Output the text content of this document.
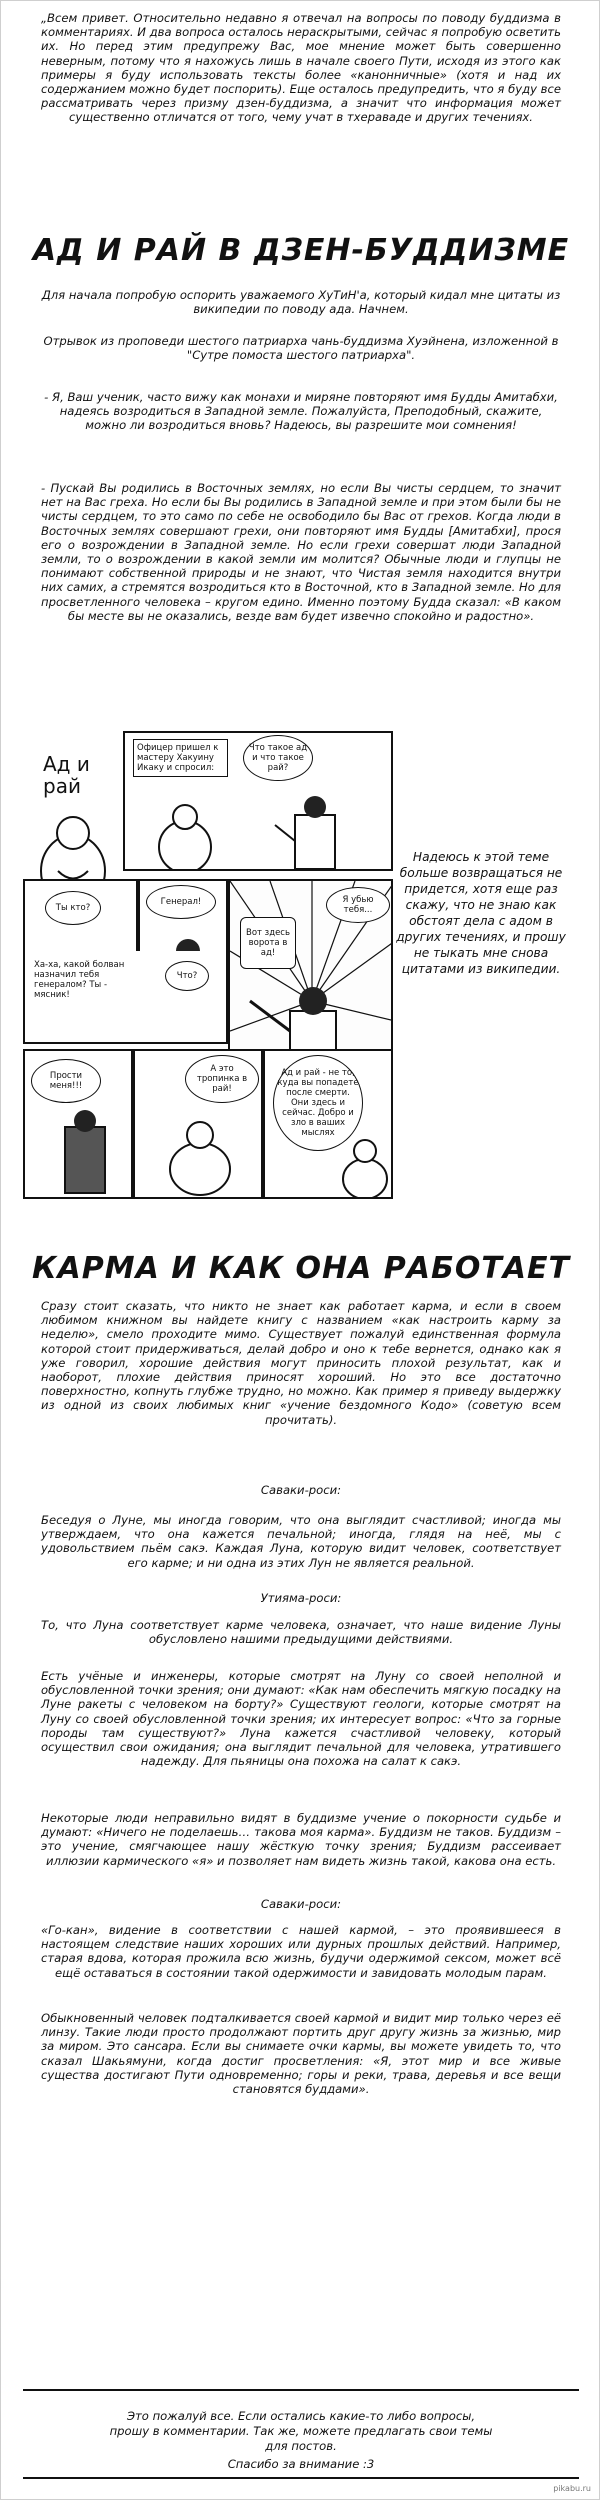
„Всем привет. Относительно недавно я отвечал на вопросы по поводу буддизма в комментариях. И два вопроса осталось нераскрытыми, сейчас я попробую осветить их. Но перед этим предупрежу Вас, мое мнение может быть совершенно неверным, потому что я нахожусь лишь в начале своего Пути, исходя из этого как примеры я буду использовать тексты более «канонничные» (хотя и над их содержанием можно будет поспорить). Еще осталось предупредить, что я буду все рассматривать через призму дзен-буддизма, а значит что информация может существенно отличатся от того, чему учат в тхераваде и других течениях.

АД И РАЙ В ДЗЕН-БУДДИЗМЕ

Для начала попробую оспорить уважаемого ХуТиН'а, который кидал мне цитаты из википедии по поводу ада. Начнем.

Отрывок из проповеди шестого патриарха чань-буддизма Хуэйнена, изложенной в "Сутре помоста шестого патриарха".

- Я, Ваш ученик, часто вижу как монахи и миряне повторяют имя Будды Амитабхи, надеясь возродиться в Западной земле. Пожалуйста, Преподобный, скажите, можно ли возродиться вновь? Надеюсь, вы разрешите мои сомнения!

- Пускай Вы родились в Восточных землях, но если Вы чисты сердцем, то значит нет на Вас греха. Но если бы Вы родились в Западной земле и при этом были бы не чисты сердцем, то это само по себе не освободило бы Вас от грехов. Когда люди в Восточных землях совершают грехи, они повторяют имя Будды [Амитабхи], прося его о возрождении в Западной земле. Но если грехи совершат люди Западной земли, то о возрождении в какой земли им молится? Обычные люди и глупцы не понимают собственной природы и не знают, что Чистая земля находится внутри них самих, а стремятся возродиться кто в Восточной, кто в Западной земле. Но для просветленного человека – кругом едино. Именно поэтому Будда сказал: «В каком бы месте вы не оказались, везде вам будет извечно спокойно и радостно».

Ад и
рай
Офицер пришел к мастеру Хакуину Икаку и спросил:
Что такое ад и что такое рай?
Ты кто?
Генерал!
Вот здесь ворота в ад!
Я убью тебя...
Ха-ха, какой болван назначил тебя генералом? Ты - мясник!
Что?
Прости меня!!!
А это тропинка в рай!
Ад и рай - не то, куда вы попадете после смерти. Они здесь и сейчас. Добро и зло в ваших мыслях

Надеюсь к этой теме больше возвращаться не придется, хотя еще раз скажу, что не знаю как обстоят дела с адом в других течениях, и прошу не тыкать мне снова цитатами из википедии.

КАРМА И КАК ОНА РАБОТАЕТ

Сразу стоит сказать, что никто не знает как работает карма, и если в своем любимом книжном вы найдете книгу с названием «как настроить карму за неделю», смело проходите мимо. Существует пожалуй единственная формула которой стоит придерживаться, делай добро и оно к тебе вернется, однако как я уже говорил, хорошие действия могут приносить плохой результат, как и наоборот, плохие действия приносят хороший. Но это все достаточно поверхностно, копнуть глубже трудно, но можно. Как пример я приведу выдержку из одной из своих любимых книг «учение бездомного Кодо» (советую всем прочитать).

Саваки-роси:

Беседуя о Луне, мы иногда говорим, что она выглядит счастливой; иногда мы утверждаем, что она кажется печальной; иногда, глядя на неё, мы с удовольствием пьём сакэ. Каждая Луна, которую видит человек, соответствует его карме; и ни одна из этих Лун не является реальной.

Утияма-роси:

То, что Луна соответствует карме человека, означает, что наше видение Луны обусловлено нашими предыдущими действиями.

Есть учёные и инженеры, которые смотрят на Луну со своей неполной и обусловленной точки зрения; они думают: «Как нам обеспечить мягкую посадку на Луне ракеты с человеком на борту?» Существуют геологи, которые смотрят на Луну со своей обусловленной точки зрения; их интересует вопрос: «Что за горные породы там существуют?» Луна кажется счастливой человеку, который осуществил свои ожидания; она выглядит печальной для человека, утратившего надежду. Для пьяницы она похожа на салат к сакэ.

Некоторые люди неправильно видят в буддизме учение о покорности судьбе и думают: «Ничего не поделаешь… такова моя карма». Буддизм не таков. Буддизм – это учение, смягчающее нашу жёсткую точку зрения; Буддизм рассеивает иллюзии кармического «я» и позволяет нам видеть жизнь такой, какова она есть.

Саваки-роси:

«Го-кан», видение в соответствии с нашей кармой, – это проявившееся в настоящем следствие наших хороших или дурных прошлых действий. Например, старая вдова, которая прожила всю жизнь, будучи одержимой сексом, может всё ещё оставаться в состоянии такой одержимости и завидовать молодым парам.

Обыкновенный человек подталкивается своей кармой и видит мир только через её линзу. Такие люди просто продолжают портить друг другу жизнь за жизнью, мир за миром. Это сансара. Если вы снимаете очки кармы, вы можете увидеть то, что сказал Шакьямуни, когда достиг просветления: «Я, этот мир и все живые существа достигают Пути одновременно; горы и реки, трава, деревья и все вещи становятся буддами».

Это пожалуй все. Если остались какие-то либо вопросы,
прошу в комментарии. Так же, можете предлагать свои темы
для постов.
Спасибо за внимание :3
pikabu.ru
